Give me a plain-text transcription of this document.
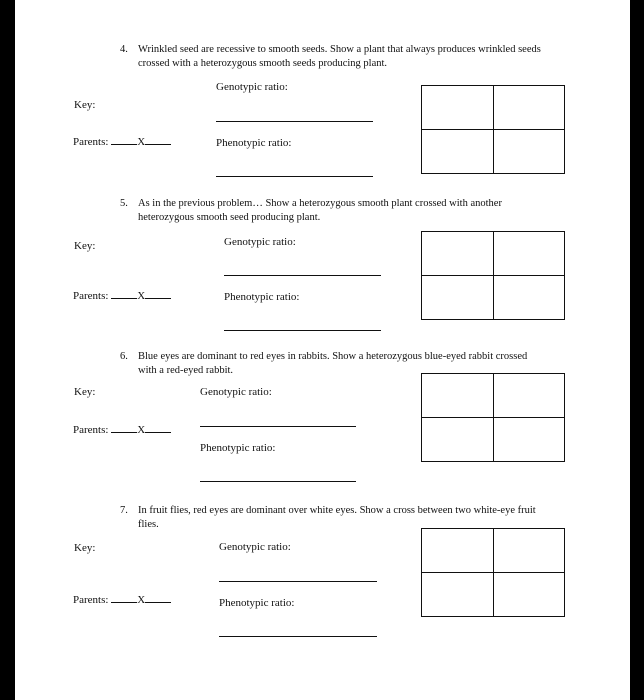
4. Wrinkled seed are recessive to smooth seeds. Show a plant that always produces wrinkled seeds crossed with a heterozygous smooth seeds producing plant.
Genotypic ratio:
Key:
Parents:	X	Phenotypic ratio:
5. As in the previous problem… Show a heterozygous smooth plant crossed with another heterozygous smooth seed producing plant.
Genotypic ratio:
Key:
Parents:	X	Phenotypic ratio:
6. Blue eyes are dominant to red eyes in rabbits. Show a heterozygous blue-eyed rabbit crossed with a red-eyed rabbit.
Key:	Genotypic ratio:
Parents:	X
Phenotypic ratio:
7. In fruit flies, red eyes are dominant over white eyes. Show a cross between two white-eye fruit flies.
Genotypic ratio:
Key:
Parents:	X	Phenotypic ratio:
